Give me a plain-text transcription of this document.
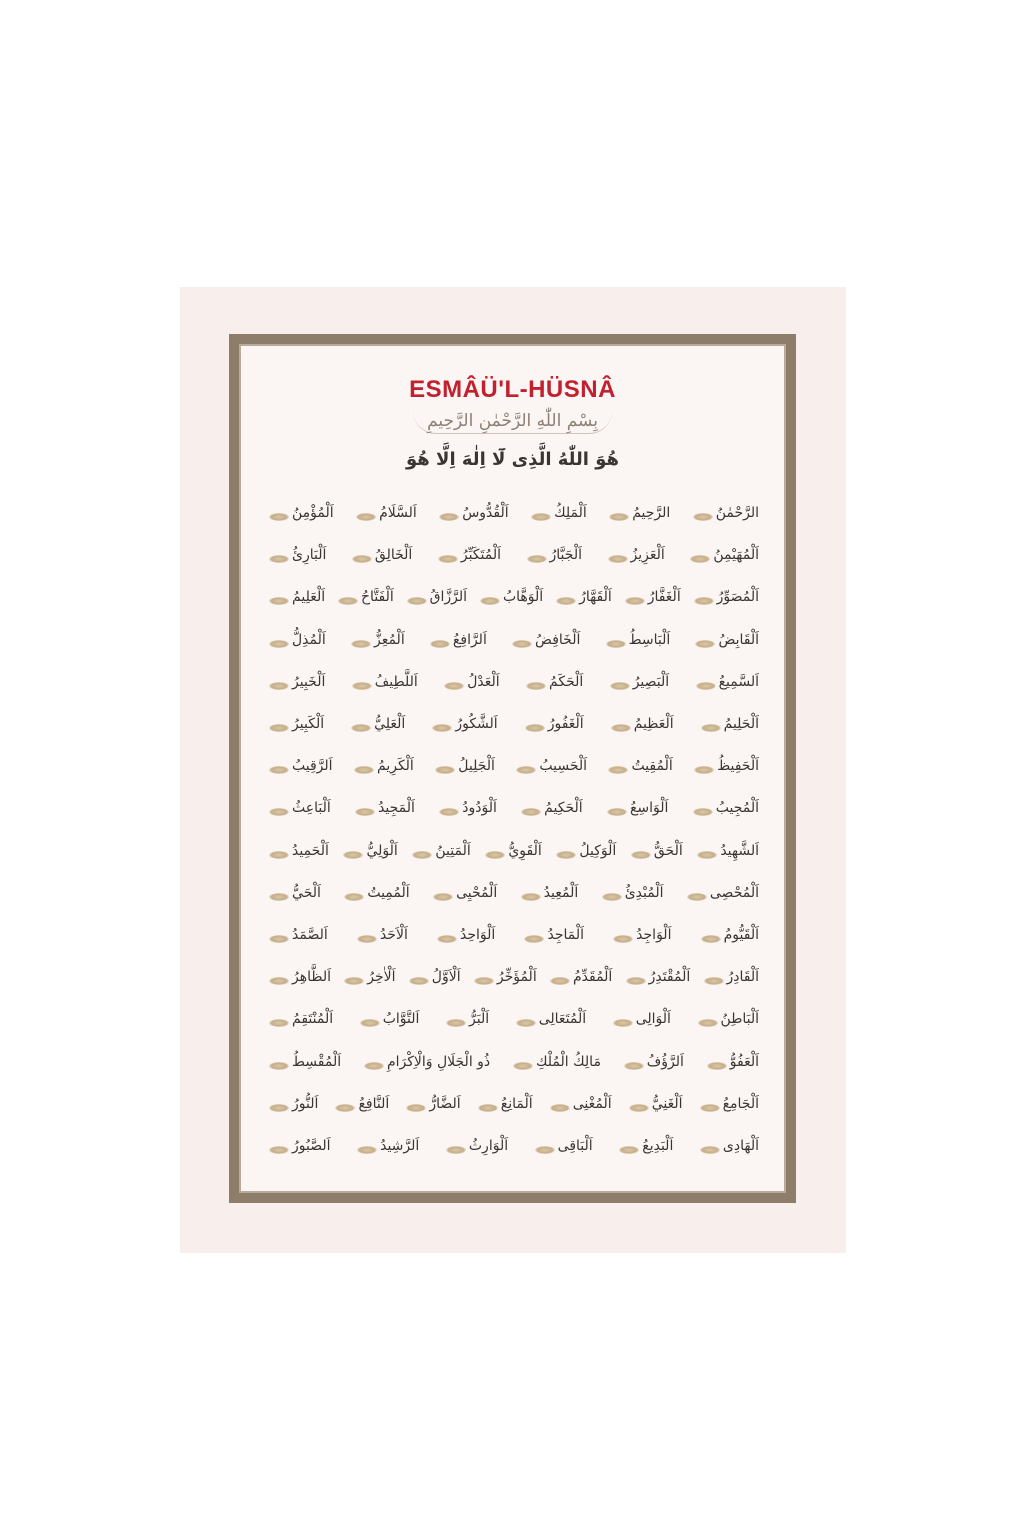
ESMÂÜ'L-HÜSNÂ
بِسْمِ اللّٰهِ الرَّحْمٰنِ الرَّحِيمِ
هُوَ اللّٰهُ الَّذِى لَٓا اِلٰهَ اِلَّا هُوَ
الرَّحْمٰنُ
الرَّحِيمُ
اَلْمَلِكُ
اَلْقُدُّوسُ
اَلسَّلَامُ
اَلْمُؤْمِنُ
اَلْمُهَيْمِنُ
اَلْعَزِيزُ
اَلْجَبَّارُ
اَلْمُتَكَبِّرُ
اَلْخَالِقُ
اَلْبَارِئُ
اَلْمُصَوِّرُ
اَلْغَفَّارُ
اَلْقَهَّارُ
اَلْوَهَّابُ
اَلرَّزَّاقُ
اَلْفَتَّاحُ
اَلْعَلِيمُ
اَلْقَابِضُ
اَلْبَاسِطُ
اَلْخَافِضُ
اَلرَّافِعُ
اَلْمُعِزُّ
اَلْمُذِلُّ
اَلسَّمِيعُ
اَلْبَصِيرُ
اَلْحَكَمُ
اَلْعَدْلُ
اَللَّطِيفُ
اَلْخَبِيرُ
اَلْحَلِيمُ
اَلْعَظِيمُ
اَلْغَفُورُ
اَلشَّكُورُ
اَلْعَلِيُّ
اَلْكَبِيرُ
اَلْحَفِيظُ
اَلْمُقِيتُ
اَلْحَسِيبُ
اَلْجَلِيلُ
اَلْكَرِيمُ
اَلرَّقِيبُ
اَلْمُجِيبُ
اَلْوَاسِعُ
اَلْحَكِيمُ
اَلْوَدُودُ
اَلْمَجِيدُ
اَلْبَاعِثُ
اَلشَّهِيدُ
اَلْحَقُّ
اَلْوَكِيلُ
اَلْقَوِيُّ
اَلْمَتِينُ
اَلْوَلِيُّ
اَلْحَمِيدُ
اَلْمُحْصِى
اَلْمُبْدِئُ
اَلْمُعِيدُ
اَلْمُحْيِى
اَلْمُمِيتُ
اَلْحَيُّ
اَلْقَيُّومُ
اَلْوَاجِدُ
اَلْمَاجِدُ
اَلْوَاحِدُ
اَلْاَحَدُ
اَلصَّمَدُ
اَلْقَادِرُ
اَلْمُقْتَدِرُ
اَلْمُقَدِّمُ
اَلْمُؤَخِّرُ
اَلْاَوَّلُ
اَلْاٰخِرُ
اَلظَّاهِرُ
اَلْبَاطِنُ
اَلْوَالِى
اَلْمُتَعَالِى
اَلْبَرُّ
اَلتَّوَّابُ
اَلْمُنْتَقِمُ
اَلْعَفُوُّ
اَلرَّؤُفُ
مَالِكُ الْمُلْكِ
ذُو الْجَلَالِ وَالْاِكْرَامِ
اَلْمُقْسِطُ
اَلْجَامِعُ
اَلْغَنِيُّ
اَلْمُغْنِى
اَلْمَانِعُ
اَلضَّارُّ
اَلنَّافِعُ
اَلنُّورُ
اَلْهَادِى
اَلْبَدِيعُ
اَلْبَاقِى
اَلْوَارِثُ
اَلرَّشِيدُ
اَلصَّبُورُ
